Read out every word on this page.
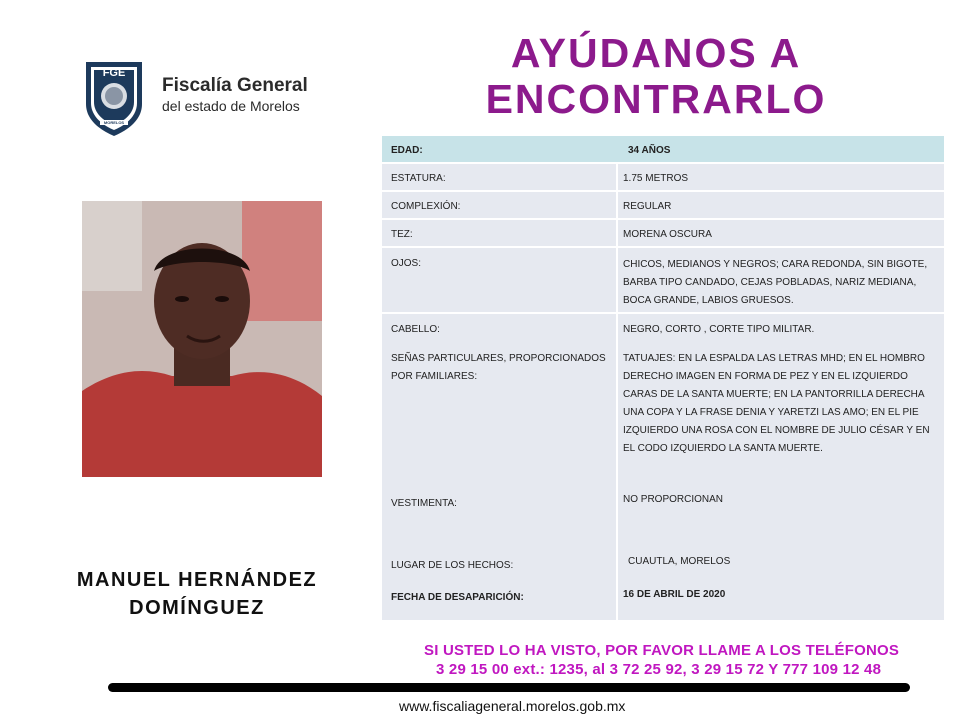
FGE
MORELOS
Fiscalía General
del estado de Morelos
AYÚDANOS A
ENCONTRARLO
MANUEL HERNÁNDEZ
DOMÍNGUEZ
EDAD:	34 AÑOS
ESTATURA:	1.75 METROS
COMPLEXIÓN:	REGULAR
TEZ:	MORENA OSCURA
OJOS:	CHICOS, MEDIANOS Y NEGROS; CARA REDONDA, SIN BIGOTE, BARBA TIPO CANDADO, CEJAS POBLADAS, NARIZ MEDIANA, BOCA GRANDE, LABIOS GRUESOS.
CABELLO:	NEGRO, CORTO , CORTE TIPO MILITAR.
SEÑAS PARTICULARES, PROPORCIONADOS POR FAMILIARES:
TATUAJES: EN LA ESPALDA LAS LETRAS MHD; EN EL HOMBRO DERECHO IMAGEN EN FORMA DE PEZ Y EN EL IZQUIERDO CARAS DE LA SANTA MUERTE; EN LA PANTORRILLA DERECHA UNA COPA Y LA FRASE DENIA Y YARETZI LAS AMO; EN EL PIE IZQUIERDO UNA ROSA CON EL NOMBRE DE JULIO CÉSAR Y EN EL CODO IZQUIERDO LA SANTA MUERTE.
VESTIMENTA:	NO PROPORCIONAN
LUGAR DE LOS HECHOS:	CUAUTLA, MORELOS
FECHA DE DESAPARICIÓN:	16 DE ABRIL DE 2020
SI USTED LO HA VISTO, POR FAVOR LLAME A LOS TELÉFONOS
3 29 15 00 ext.: 1235, al 3 72 25 92, 3 29 15 72 Y 777 109 12 48
www.fiscaliageneral.morelos.gob.mx
